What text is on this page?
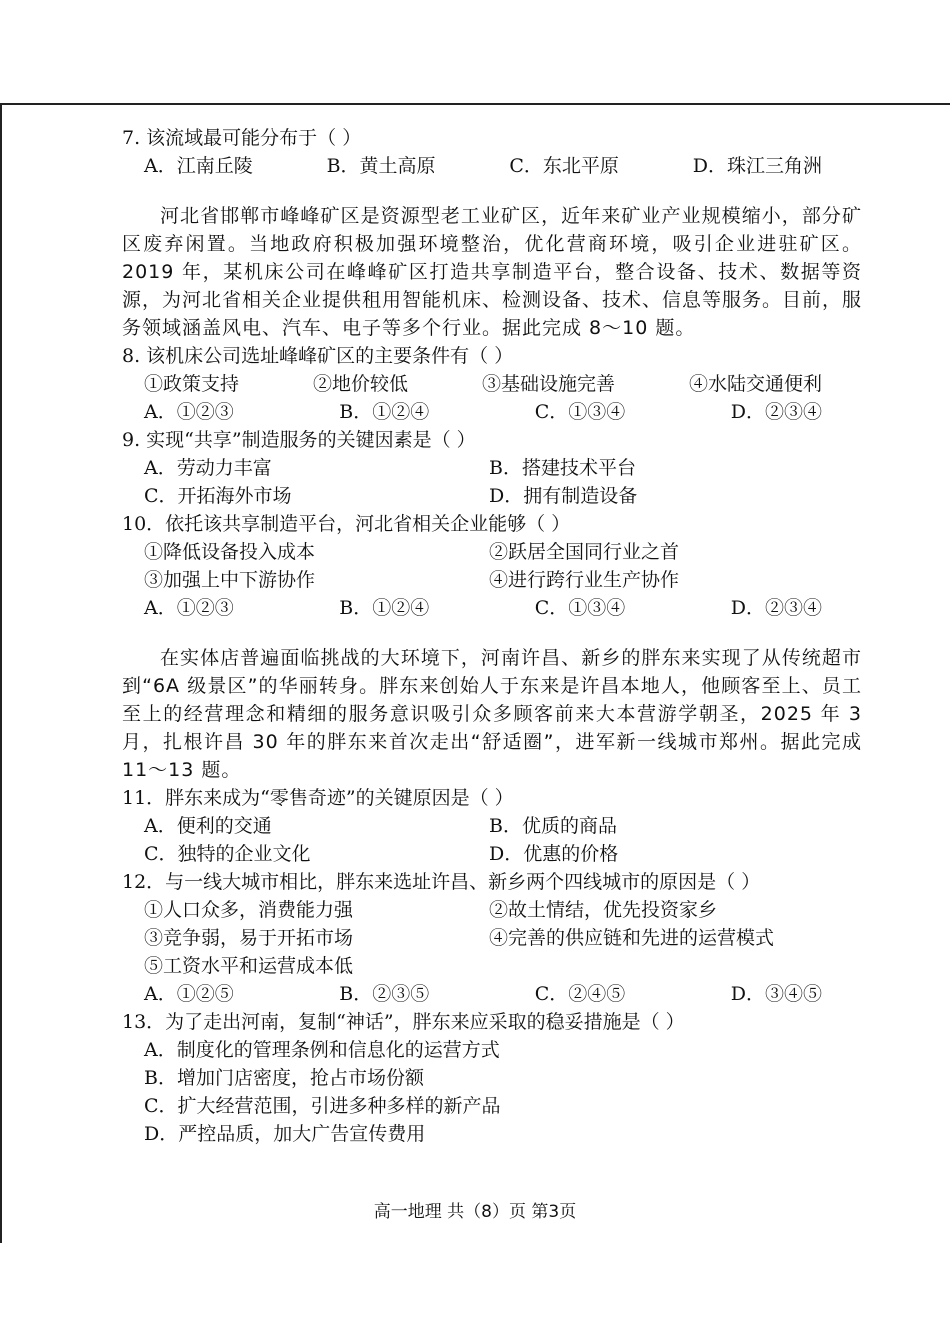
7. 该流域最可能分布于（ ）

A．江南丘陵	B．黄土高原	C．东北平原	D．珠江三角洲

河北省邯郸市峰峰矿区是资源型老工业矿区，近年来矿业产业规模缩小，部分矿区废弃闲置。当地政府积极加强环境整治，优化营商环境，吸引企业进驻矿区。2019 年，某机床公司在峰峰矿区打造共享制造平台，整合设备、技术、数据等资源，为河北省相关企业提供租用智能机床、检测设备、技术、信息等服务。目前，服务领域涵盖风电、汽车、电子等多个行业。据此完成 8～10 题。

8. 该机床公司选址峰峰矿区的主要条件有（ ）

①政策支持	②地价较低	③基础设施完善	④水陆交通便利
A．①②③	B．①②④	C．①③④	D．②③④

9. 实现“共享”制造服务的关键因素是（ ）

A．劳动力丰富	B．搭建技术平台
C．开拓海外市场	D．拥有制造设备

10．依托该共享制造平台，河北省相关企业能够（ ）

①降低设备投入成本	②跃居全国同行业之首
③加强上中下游协作	④进行跨行业生产协作
A．①②③	B．①②④	C．①③④	D．②③④

在实体店普遍面临挑战的大环境下，河南许昌、新乡的胖东来实现了从传统超市到“6A 级景区”的华丽转身。胖东来创始人于东来是许昌本地人，他顾客至上、员工至上的经营理念和精细的服务意识吸引众多顾客前来大本营游学朝圣，2025 年 3 月，扎根许昌 30 年的胖东来首次走出“舒适圈”，进军新一线城市郑州。据此完成 11～13 题。

11．胖东来成为“零售奇迹”的关键原因是（ ）

A．便利的交通	B．优质的商品
C．独特的企业文化	D．优惠的价格

12．与一线大城市相比，胖东来选址许昌、新乡两个四线城市的原因是（ ）

①人口众多，消费能力强	②故土情结，优先投资家乡
③竞争弱，易于开拓市场	④完善的供应链和先进的运营模式
⑤工资水平和运营成本低
A．①②⑤	B．②③⑤	C．②④⑤	D．③④⑤

13．为了走出河南，复制“神话”，胖东来应采取的稳妥措施是（ ）

A．制度化的管理条例和信息化的运营方式
B．增加门店密度，抢占市场份额
C．扩大经营范围，引进多种多样的新产品
D．严控品质，加大广告宣传费用
高一地理 共（8）页 第3页
